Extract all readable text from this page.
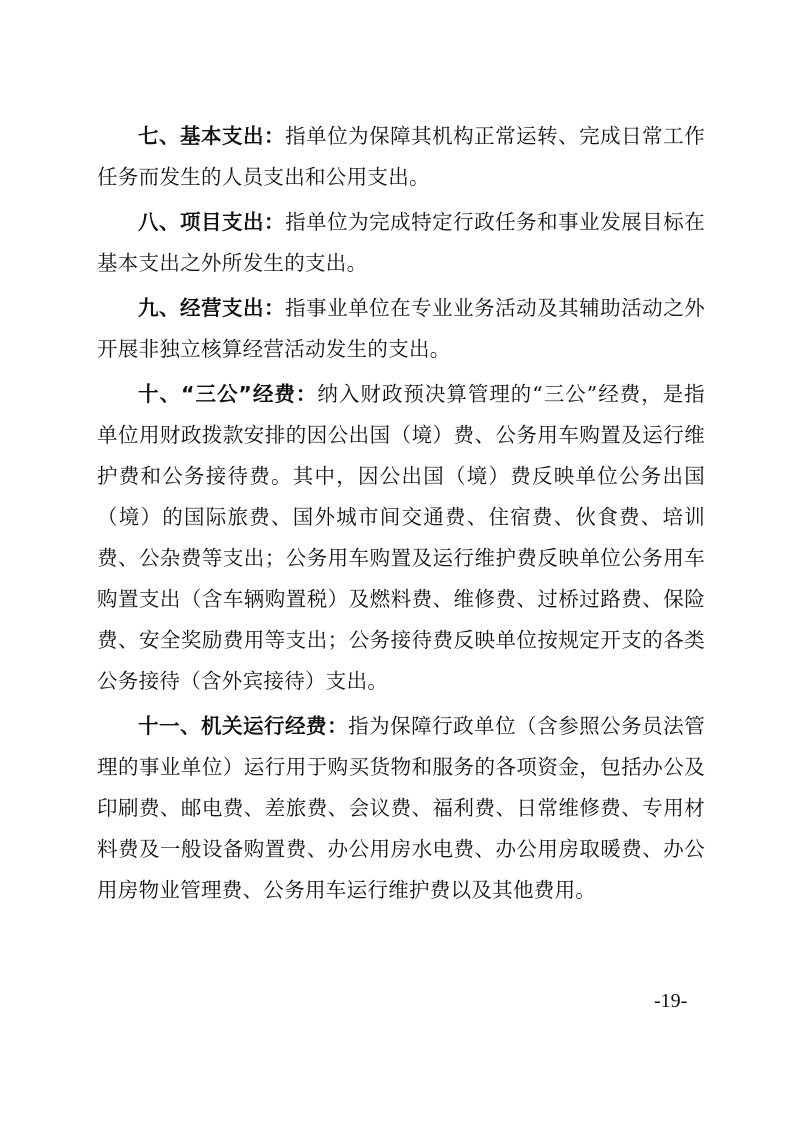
七、基本支出：指单位为保障其机构正常运转、完成日常工作任务而发生的人员支出和公用支出。

八、项目支出：指单位为完成特定行政任务和事业发展目标在基本支出之外所发生的支出。

九、经营支出：指事业单位在专业业务活动及其辅助活动之外开展非独立核算经营活动发生的支出。

十、“三公”经费：纳入财政预决算管理的“三公”经费，是指单位用财政拨款安排的因公出国（境）费、公务用车购置及运行维护费和公务接待费。其中，因公出国（境）费反映单位公务出国（境）的国际旅费、国外城市间交通费、住宿费、伙食费、培训费、公杂费等支出；公务用车购置及运行维护费反映单位公务用车购置支出（含车辆购置税）及燃料费、维修费、过桥过路费、保险费、安全奖励费用等支出；公务接待费反映单位按规定开支的各类公务接待（含外宾接待）支出。

十一、机关运行经费：指为保障行政单位（含参照公务员法管理的事业单位）运行用于购买货物和服务的各项资金，包括办公及印刷费、邮电费、差旅费、会议费、福利费、日常维修费、专用材料费及一般设备购置费、办公用房水电费、办公用房取暖费、办公用房物业管理费、公务用车运行维护费以及其他费用。

-19-
